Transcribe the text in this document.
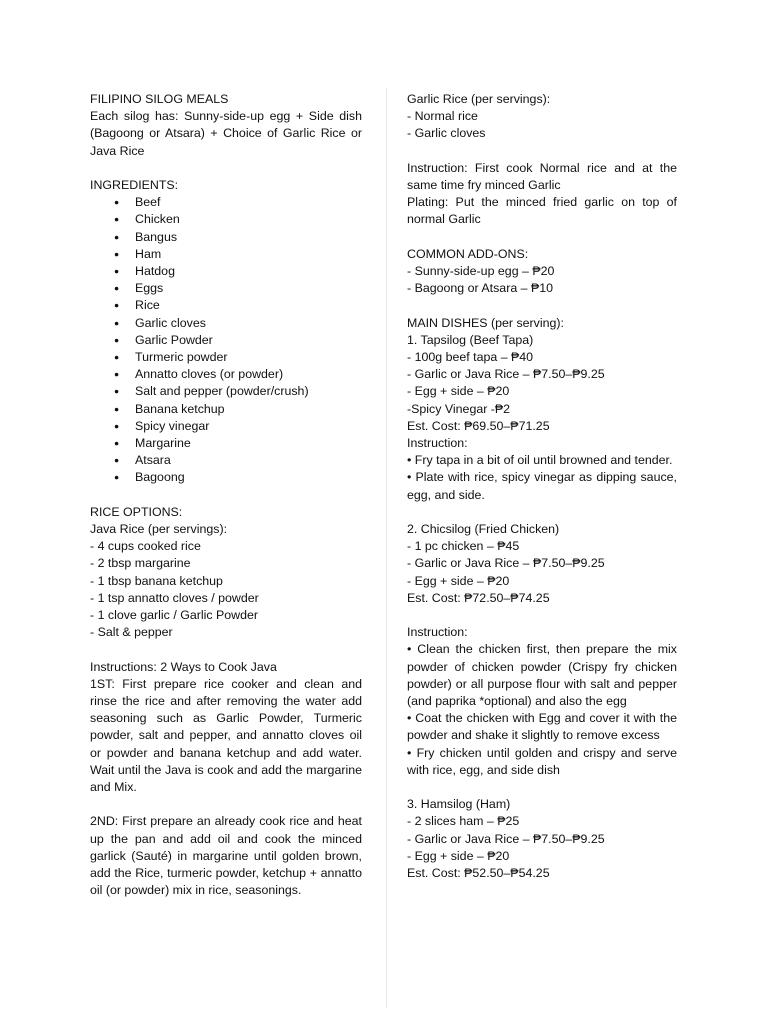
FILIPINO SILOG MEALS

Each silog has: Sunny-side-up egg + Side dish (Bagoong or Atsara) + Choice of Garlic Rice or Java Rice

INGREDIENTS:

● Beef
● Chicken
● Bangus
● Ham
● Hatdog
● Eggs
● Rice
● Garlic cloves
● Garlic Powder
● Turmeric powder
● Annatto cloves (or powder)
● Salt and pepper (powder/crush)
● Banana ketchup
● Spicy vinegar
● Margarine
● Atsara
● Bagoong

RICE OPTIONS:

Java Rice (per servings):

- 4 cups cooked rice

- 2 tbsp margarine

- 1 tbsp banana ketchup

- 1 tsp annatto cloves / powder

- 1 clove garlic / Garlic Powder

- Salt & pepper

Instructions: 2 Ways to Cook Java

1ST: First prepare rice cooker and clean and rinse the rice and after removing the water add seasoning such as Garlic Powder, Turmeric powder, salt and pepper, and annatto cloves oil or powder and banana ketchup and add water. Wait until the Java is cook and add the margarine and Mix.

2ND: First prepare an already cook rice and heat up the pan and add oil and cook the minced garlick (Sauté) in margarine until golden brown, add the Rice, turmeric powder, ketchup + annatto oil (or powder) mix in rice, seasonings.

Garlic Rice (per servings):

- Normal rice

- Garlic cloves

Instruction: First cook Normal rice and at the same time fry minced Garlic

Plating: Put the minced fried garlic on top of normal Garlic

COMMON ADD-ONS:

- Sunny-side-up egg – ₱20

- Bagoong or Atsara – ₱10

MAIN DISHES (per serving):

1. Tapsilog (Beef Tapa)

- 100g beef tapa – ₱40

- Garlic or Java Rice – ₱7.50–₱9.25

- Egg + side – ₱20

-Spicy Vinegar -₱2

Est. Cost: ₱69.50–₱71.25

Instruction:

• Fry tapa in a bit of oil until browned and tender.

• Plate with rice, spicy vinegar as dipping sauce, egg, and side.

2. Chicsilog (Fried Chicken)

- 1 pc chicken – ₱45

- Garlic or Java Rice – ₱7.50–₱9.25

- Egg + side – ₱20

Est. Cost: ₱72.50–₱74.25

Instruction:

• Clean the chicken first, then prepare the mix powder of chicken powder (Crispy fry chicken powder) or all purpose flour with salt and pepper (and paprika *optional) and also the egg

• Coat the chicken with Egg and cover it with the powder and shake it slightly to remove excess

• Fry chicken until golden and crispy and serve with rice, egg, and side dish

3. Hamsilog (Ham)

- 2 slices ham – ₱25

- Garlic or Java Rice – ₱7.50–₱9.25

- Egg + side – ₱20

Est. Cost: ₱52.50–₱54.25
